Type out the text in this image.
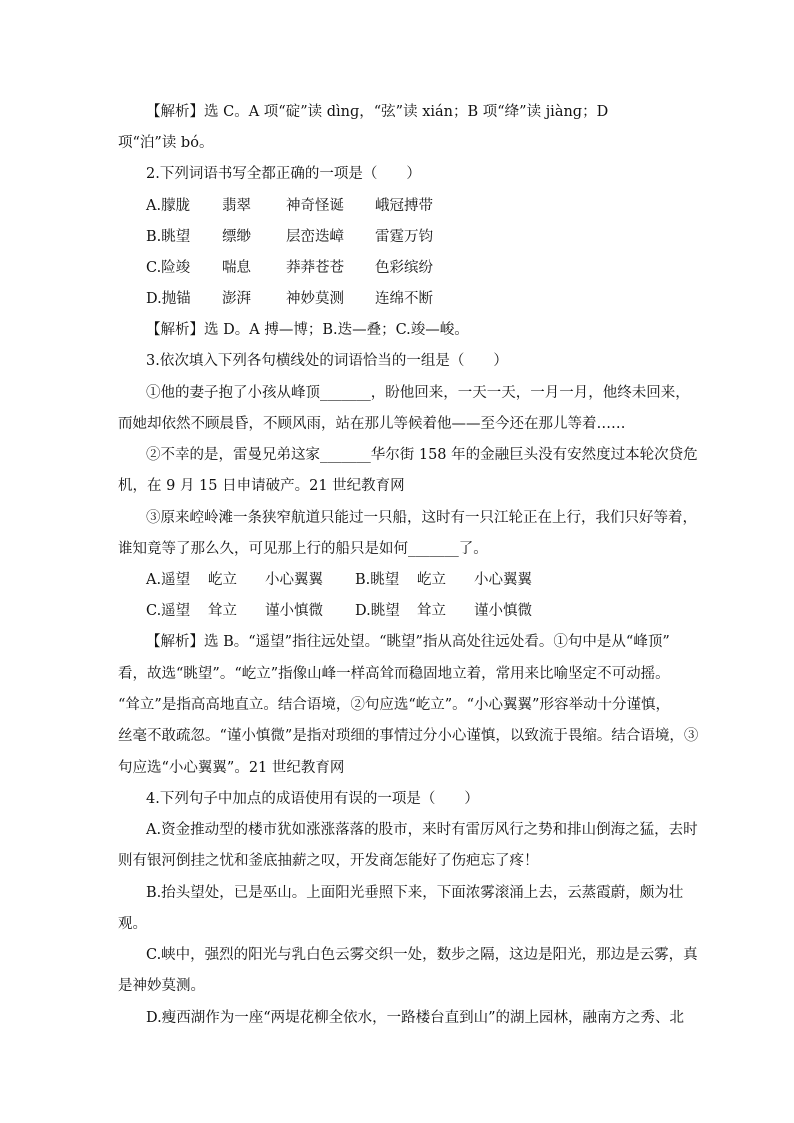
【解析】选 C。A 项“碇”读 dìnɡ，“弦”读 xián；B 项“绛”读 jiànɡ；D
项“泊”读 bó。
2.下列词语书写全都正确的一项是（　　）
A.朦胧 翡翠 神奇怪诞 峨冠搏带
B.眺望 缥缈 层峦迭嶂 雷霆万钧
C.险竣 喘息 莽莽苍苍 色彩缤纷
D.抛锚 澎湃 神妙莫测 连绵不断
【解析】选 D。A 搏—博；B.迭—叠；C.竣—峻。
3.依次填入下列各句横线处的词语恰当的一组是（　　）
①他的妻子抱了小孩从峰顶_______，盼他回来，一天一天，一月一月，他终未回来，
而她却依然不顾晨昏，不顾风雨，站在那儿等候着他——至今还在那儿等着……
②不幸的是，雷曼兄弟这家_______华尔街 158 年的金融巨头没有安然度过本轮次贷危
机，在 9 月 15 日申请破产。21 世纪教育网
③原来崆岭滩一条狭窄航道只能过一只船，这时有一只江轮正在上行，我们只好等着，
谁知竟等了那么久，可见那上行的船只是如何_______了。
A.遥望 屹立 小心翼翼 B.眺望 屹立 小心翼翼
C.遥望 耸立 谨小慎微 D.眺望 耸立 谨小慎微
【解析】选 B。“遥望”指往远处望。“眺望”指从高处往远处看。①句中是从“峰顶”
看，故选“眺望”。“屹立”指像山峰一样高耸而稳固地立着，常用来比喻坚定不可动摇。
“耸立”是指高高地直立。结合语境，②句应选“屹立”。“小心翼翼”形容举动十分谨慎，
丝毫不敢疏忽。“谨小慎微”是指对琐细的事情过分小心谨慎，以致流于畏缩。结合语境，③
句应选“小心翼翼”。21 世纪教育网
4.下列句子中加点的成语使用有误的一项是（　　）
A.资金推动型的楼市犹如涨涨落落的股市，来时有雷厉风行之势和排山倒海之猛，去时
则有银河倒挂之忧和釜底抽薪之叹，开发商怎能好了伤疤忘了疼！
B.抬头望处，已是巫山。上面阳光垂照下来，下面浓雾滚涌上去，云蒸霞蔚，颇为壮
观。
C.峡中，强烈的阳光与乳白色云雾交织一处，数步之隔，这边是阳光，那边是云雾，真
是神妙莫测。
D.瘦西湖作为一座“两堤花柳全依水，一路楼台直到山”的湖上园林，融南方之秀、北
